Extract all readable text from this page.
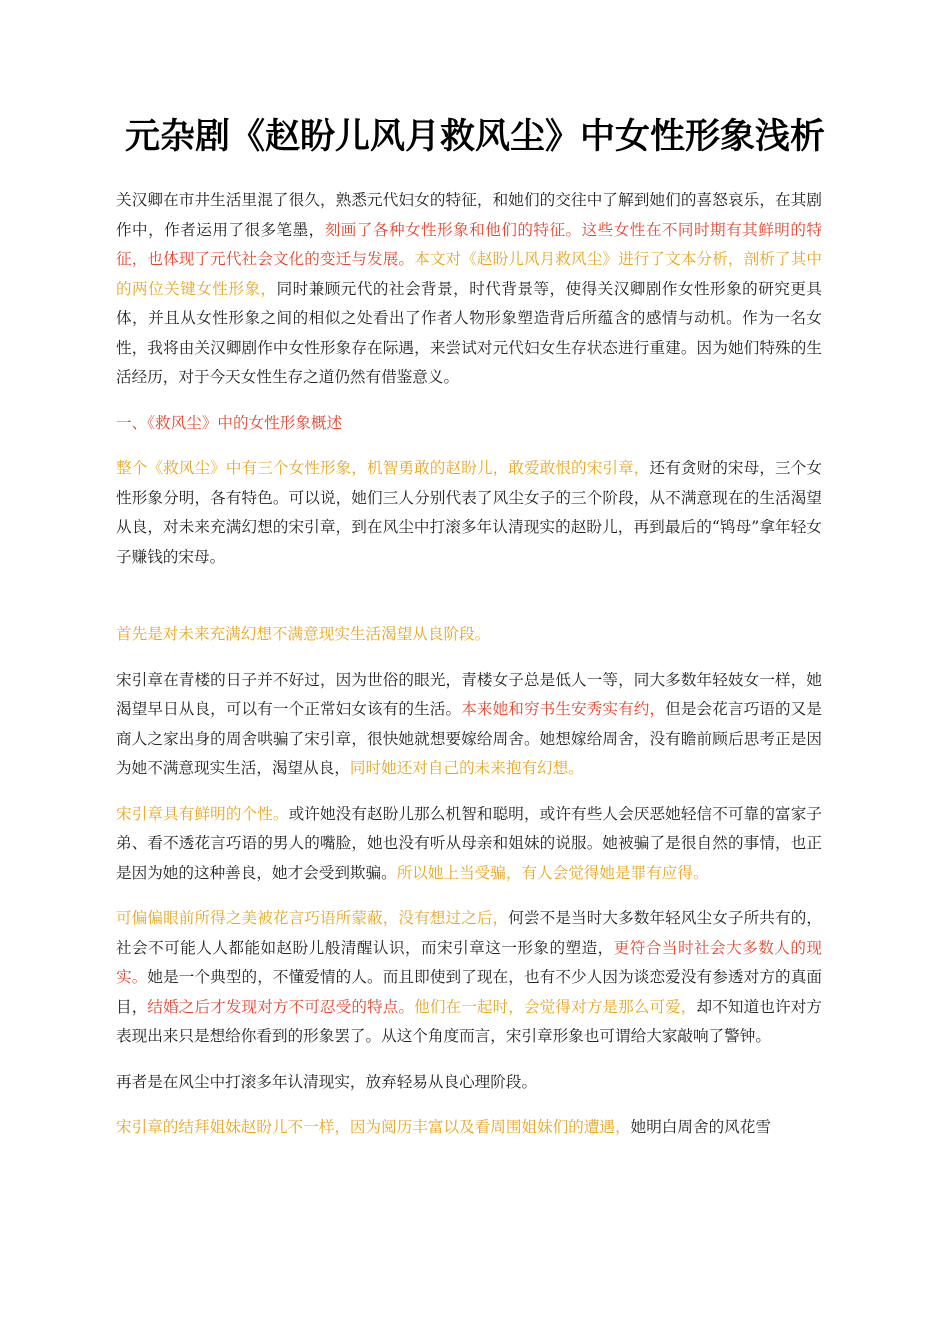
元杂剧《赵盼儿风月救风尘》中女性形象浅析

关汉卿在市井生活里混了很久，熟悉元代妇女的特征，和她们的交往中了解到她们的喜怒哀乐，在其剧作中，作者运用了很多笔墨，刻画了各种女性形象和他们的特征。这些女性在不同时期有其鲜明的特征，也体现了元代社会文化的变迁与发展。本文对《赵盼儿风月救风尘》进行了文本分析，剖析了其中的两位关键女性形象，同时兼顾元代的社会背景，时代背景等，使得关汉卿剧作女性形象的研究更具体，并且从女性形象之间的相似之处看出了作者人物形象塑造背后所蕴含的感情与动机。作为一名女性，我将由关汉卿剧作中女性形象存在际遇，来尝试对元代妇女生存状态进行重建。因为她们特殊的生活经历，对于今天女性生存之道仍然有借鉴意义。

一、《救风尘》中的女性形象概述

整个《救风尘》中有三个女性形象，机智勇敢的赵盼儿，敢爱敢恨的宋引章，还有贪财的宋母，三个女性形象分明，各有特色。可以说，她们三人分别代表了风尘女子的三个阶段，从不满意现在的生活渴望从良，对未来充满幻想的宋引章，到在风尘中打滚多年认清现实的赵盼儿，再到最后的“鸨母”拿年轻女子赚钱的宋母。

首先是对未来充满幻想不满意现实生活渴望从良阶段。

宋引章在青楼的日子并不好过，因为世俗的眼光，青楼女子总是低人一等，同大多数年轻妓女一样，她渴望早日从良，可以有一个正常妇女该有的生活。本来她和穷书生安秀实有约，但是会花言巧语的又是商人之家出身的周舍哄骗了宋引章，很快她就想要嫁给周舍。她想嫁给周舍，没有瞻前顾后思考正是因为她不满意现实生活，渴望从良，同时她还对自己的未来抱有幻想。

宋引章具有鲜明的个性。或许她没有赵盼儿那么机智和聪明，或许有些人会厌恶她轻信不可靠的富家子弟、看不透花言巧语的男人的嘴脸，她也没有听从母亲和姐妹的说服。她被骗了是很自然的事情，也正是因为她的这种善良，她才会受到欺骗。所以她上当受骗，有人会觉得她是罪有应得。

可偏偏眼前所得之美被花言巧语所蒙蔽，没有想过之后，何尝不是当时大多数年轻风尘女子所共有的，社会不可能人人都能如赵盼儿般清醒认识，而宋引章这一形象的塑造，更符合当时社会大多数人的现实。她是一个典型的，不懂爱情的人。而且即使到了现在，也有不少人因为谈恋爱没有参透对方的真面目，结婚之后才发现对方不可忍受的特点。他们在一起时，会觉得对方是那么可爱，却不知道也许对方表现出来只是想给你看到的形象罢了。从这个角度而言，宋引章形象也可谓给大家敲响了警钟。

再者是在风尘中打滚多年认清现实，放弃轻易从良心理阶段。

宋引章的结拜姐妹赵盼儿不一样，因为阅历丰富以及看周围姐妹们的遭遇，她明白周舍的风花雪
